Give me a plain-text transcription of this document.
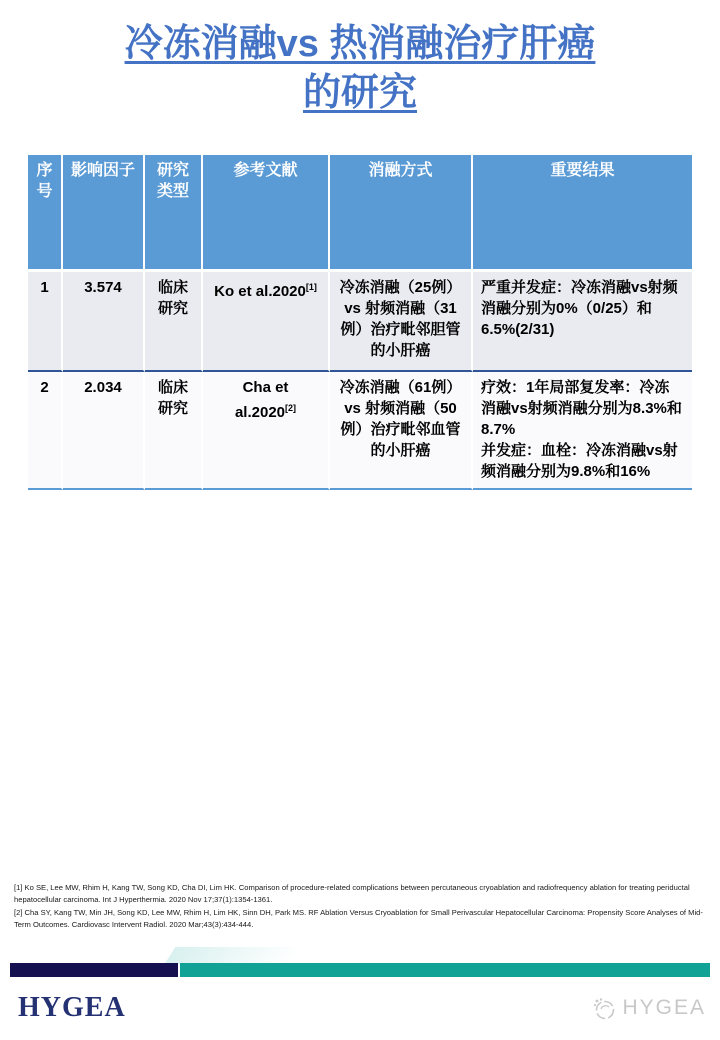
冷冻消融vs 热消融治疗肝癌
的研究
序号	影响因子	研究类型	参考文献	消融方式	重要结果
1	3.574	临床研究	Ko et al.2020[1]	冷冻消融（25例）vs 射频消融（31例）治疗毗邻胆管的小肝癌	严重并发症：冷冻消融vs射频消融分别为0%（0/25）和6.5%(2/31)

2	2.034	临床研究	Cha et al.2020[2]	冷冻消融（61例）vs 射频消融（50例）治疗毗邻血管的小肝癌	疗效：1年局部复发率：冷冻消融vs射频消融分别为8.3%和8.7%
并发症：血栓：冷冻消融vs射频消融分别为9.8%和16%

[1] Ko SE, Lee MW, Rhim H, Kang TW, Song KD, Cha DI, Lim HK. Comparison of procedure-related complications between percutaneous cryoablation and radiofrequency ablation for treating periductal hepatocellular carcinoma. Int J Hyperthermia. 2020 Nov 17;37(1):1354-1361.

[2] Cha SY, Kang TW, Min JH, Song KD, Lee MW, Rhim H, Lim HK, Sinn DH, Park MS. RF Ablation Versus Cryoablation for Small Perivascular Hepatocellular Carcinoma: Propensity Score Analyses of Mid-Term Outcomes. Cardiovasc Intervent Radiol. 2020 Mar;43(3):434-444.

HYGEA	HYGEA
